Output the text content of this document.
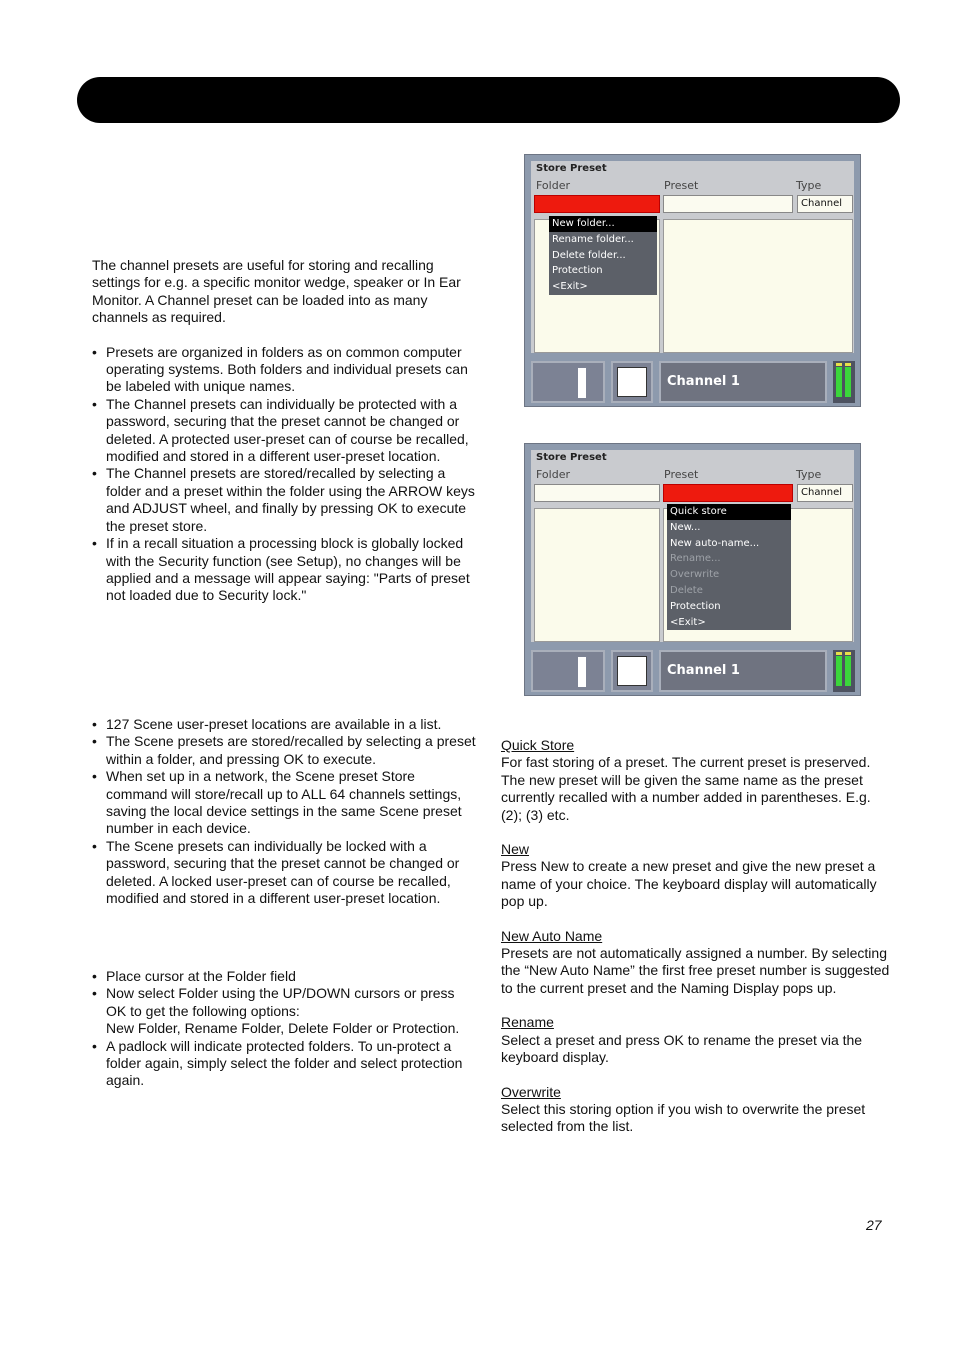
The channel presets are useful for storing and recalling settings for e.g. a specific monitor wedge, speaker or In Ear Monitor. A Channel preset can be loaded into as many channels as required.

• Presets are organized in folders as on common computer operating systems. Both folders and individual presets can be labeled with unique names.
• The Channel presets can individually be protected with a password, securing that the preset cannot be changed or deleted. A protected user-preset can of course be recalled, modified and stored in a different user-preset location.
• The Channel presets are stored/recalled by selecting a folder and a preset within the folder using the ARROW keys and ADJUST wheel, and finally by pressing OK to execute the preset store.
• If in a recall situation a processing block is globally locked with the Security function (see Setup), no changes will be applied and a message will appear saying: "Parts of preset not loaded due to Security lock."
• 127 Scene user-preset locations are available in a list.
• The Scene presets are stored/recalled by selecting a preset within a folder, and pressing OK to execute.
• When set up in a network, the Scene preset Store command will store/recall up to ALL 64 channels settings, saving the local device settings in the same Scene preset number in each device.
• The Scene presets can individually be locked with a password, securing that the preset cannot be changed or deleted. A locked user-preset can of course be recalled, modified and stored in a different user-preset location.
• Place cursor at the Folder field
• Now select Folder using the UP/DOWN cursors or press OK to get the following options:
New Folder, Rename Folder, Delete Folder or Protection.
• A padlock will indicate protected folders. To un-protect a folder again, simply select the folder and select protection again.
Store Preset
Folder	Preset	Type
Channel
New folder...
Rename folder...
Delete folder...
Protection
<Exit>
Channel 1
Store Preset
Folder	Preset	Type
Channel
Quick store
New...
New auto-name...
Rename...
Overwrite
Delete
Protection
<Exit>
Channel 1

Quick Store

For fast storing of a preset. The current preset is preserved. The new preset will be given the same name as the preset currently recalled with a number added in parentheses. E.g. (2); (3) etc.

New

Press New to create a new preset and give the new preset a name of your choice. The keyboard display will automatically pop up.

New Auto Name

Presets are not automatically assigned a number. By selecting the “New Auto Name” the first free preset number is suggested to the current preset and the Naming Display pops up.

Rename

Select a preset and press OK to rename the preset via the keyboard display.

Overwrite

Select this storing option if you wish to overwrite the preset selected from the list.

27
